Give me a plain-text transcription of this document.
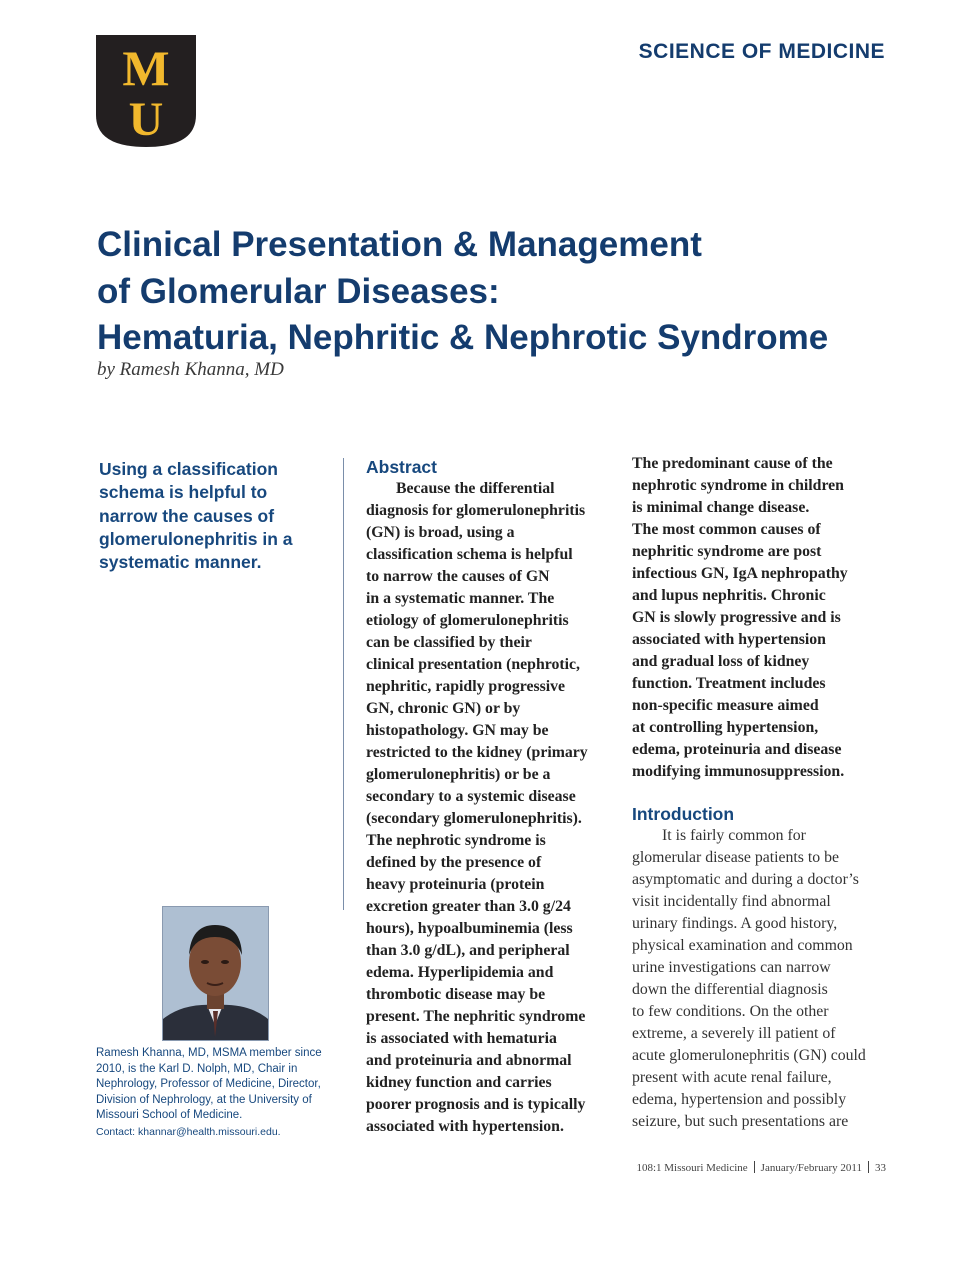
M
U
SCIENCE OF MEDICINE
Clinical Presentation & Management
of Glomerular Diseases:
Hematuria, Nephritic & Nephrotic Syndrome
by Ramesh Khanna, MD
Using a classification schema is helpful to narrow the causes of glomerulonephritis in a systematic manner.
Ramesh Khanna, MD, MSMA member since 2010, is the Karl D. Nolph, MD, Chair in Nephrology, Professor of Medicine, Director, Division of Nephrology, at the University of Missouri School of Medicine.
Contact: khannar@health.missouri.edu.
Abstract
Because the differential
diagnosis for glomerulonephritis
(GN) is broad, using a
classification schema is helpful
to narrow the causes of GN
in a systematic manner. The
etiology of glomerulonephritis
can be classified by their
clinical presentation (nephrotic,
nephritic, rapidly progressive
GN, chronic GN) or by
histopathology. GN may be
restricted to the kidney (primary
glomerulonephritis) or be a
secondary to a systemic disease
(secondary glomerulonephritis).
The nephrotic syndrome is
defined by the presence of
heavy proteinuria (protein
excretion greater than 3.0 g/24
hours), hypoalbuminemia (less
than 3.0 g/dL), and peripheral
edema. Hyperlipidemia and
thrombotic disease may be
present. The nephritic syndrome
is associated with hematuria
and proteinuria and abnormal
kidney function and carries
poorer prognosis and is typically
associated with hypertension.
The predominant cause of the
nephrotic syndrome in children
is minimal change disease.
The most common causes of
nephritic syndrome are post
infectious GN, IgA nephropathy
and lupus nephritis. Chronic
GN is slowly progressive and is
associated with hypertension
and gradual loss of kidney
function. Treatment includes
non-specific measure aimed
at controlling hypertension,
edema, proteinuria and disease
modifying immunosuppression.
Introduction
It is fairly common for
glomerular disease patients to be
asymptomatic and during a doctor’s
visit incidentally find abnormal
urinary findings. A good history,
physical examination and common
urine investigations can narrow
down the differential diagnosis
to few conditions. On the other
extreme, a severely ill patient of
acute glomerulonephritis (GN) could
present with acute renal failure,
edema, hypertension and possibly
seizure, but such presentations are
108:1 Missouri Medicine January/February 2011 33
